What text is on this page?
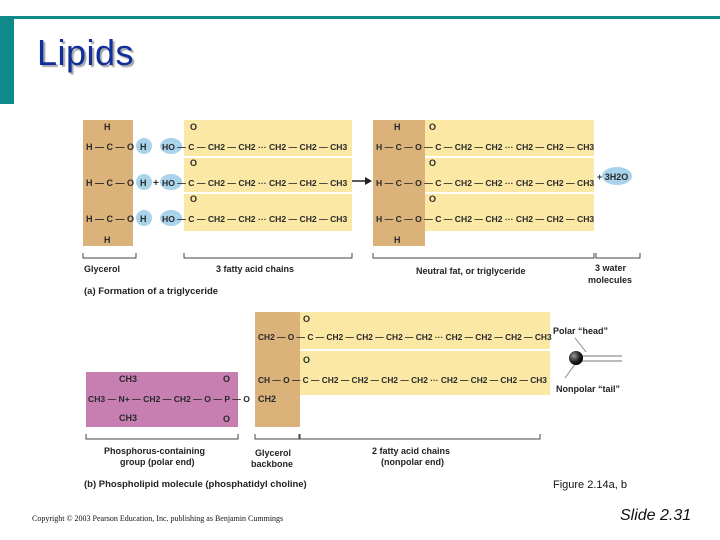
Lipids
H
H — C — O
H — C — O
H — C — O
H
H
H
H
+
HO — C — CH2 — CH2 ··· CH2 — CH2 — CH3
HO — C — CH2 — CH2 ··· CH2 — CH2 — CH3
HO — C — CH2 — CH2 ··· CH2 — CH2 — CH3
O
O
O
H
H
H — C — O — C — CH2 — CH2 ··· CH2 — CH2 — CH3
H — C — O — C — CH2 — CH2 ··· CH2 — CH2 — CH3
H — C — O — C — CH2 — CH2 ··· CH2 — CH2 — CH3
O
O
O
+ 3H2O
Glycerol	3 fatty acid chains	Neutral fat, or triglyceride	3 water
molecules
(a) Formation of a triglyceride
CH2 — O — C — CH2 — CH2 — CH2 — CH2 ··· CH2 — CH2 — CH2 — CH3
CH — O — C — CH2 — CH2 — CH2 — CH2 ··· CH2 — CH2 — CH2 — CH3
O
O
CH2
CH3	O
CH3 — N+ — CH2 — CH2 — O — P — O
CH3	O
Polar “head”
Nonpolar “tail”
Phosphorus-containing
group (polar end)
Glycerol
backbone
2 fatty acid chains
(nonpolar end)
(b) Phospholipid molecule (phosphatidyl choline)	Figure 2.14a, b
Copyright © 2003 Pearson Education, Inc. publishing as Benjamin Cummings	Slide 2.31
